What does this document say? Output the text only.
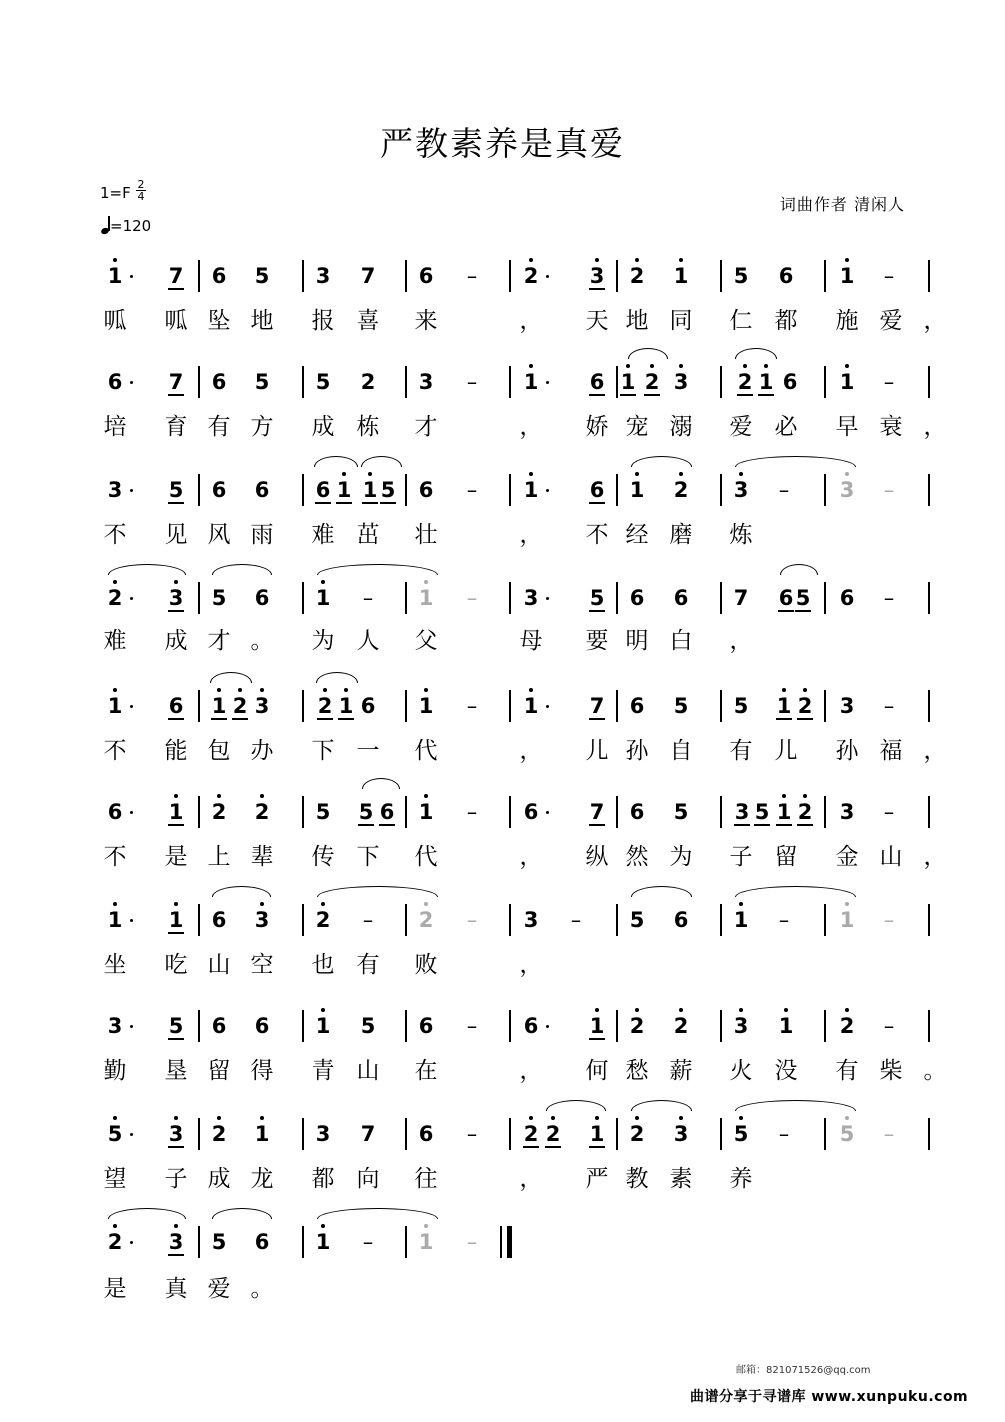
严教素养是真爱
$1=F \frac{2}{4}$
=120
词曲作者 清闲人
1 7 6 5 3 7 6	–	2 3 2 1 5 6 1	–
呱 呱 坠 地 报 喜 来	， 天 地 同 仁 都 施 爱 ，
6 7 6 5 5 2 3	–	1 6 1 2 3 2 1 6 1	–
培 育 有 方 成 栋 才	， 娇 宠 溺 爱 必 早 衰 ，
3 5 6 6 6 1 1 5 6	–	1 6 1 2 3	–	3	–
不 见 风 雨 难 茁 壮	， 不 经 磨 炼
2 3 5 6 1	–	1	–	3 5 6 6 7 6 5 6	–
难 成 才 。 为 人 父	母 要 明 白 ，
1 6 1 2 3 2 1 6 1	–	1 7 6 5 5 1 2 3	–
不 能 包 办 下 一 代	， 儿 孙 自 有 儿 孙 福 ，
6 1 2 2 5 5 6 1	–	6 7 6 5 3 5 1 2 3	–
不 是 上 辈 传 下 代	， 纵 然 为 子 留 金 山 ，
1 1 6 3 2	–	2	–	3	–	5 6 1	–	1	–
坐 吃 山 空 也 有 败	，
3 5 6 6 1 5 6	–	6 1 2 2 3 1 2	–
勤 垦 留 得 青 山 在	， 何 愁 薪 火 没 有 柴 。
5 3 2 1 3 7 6	–	2 2 1 2 3 5	–	5	–
望 子 成 龙 都 向 往	， 严 教 素 养
2 3 5 6 1	–	1	–
是 真 爱 。
邮箱：821071526@qq.com
曲谱分享于寻谱库 www.xunpuku.com
